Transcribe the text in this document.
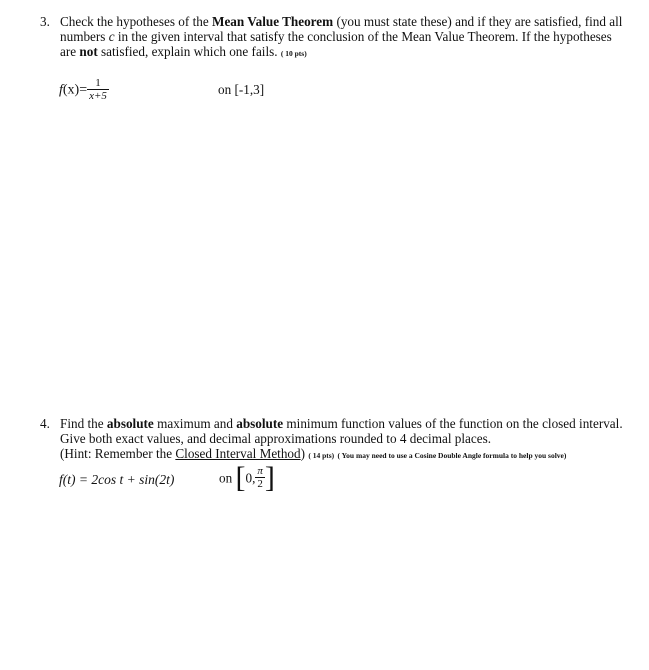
3. Check the hypotheses of the Mean Value Theorem (you must state these) and if they are satisfied, find all numbers c in the given interval that satisfy the conclusion of the Mean Value Theorem. If the hypotheses are not satisfied, explain which one fails. ( 10 pts)
$f(x)= \frac{1}{x+5}$	on [-1,3]
4. Find the absolute maximum and absolute minimum function values of the function on the closed interval. Give both exact values, and decimal approximations rounded to 4 decimal places.
(Hint: Remember the Closed Interval Method) ( 14 pts) ( You may need to use a Cosine Double Angle formula to help you solve)
f(t) = 2cos t + sin(2t)	on [0, $\frac{\pi}{2}$ ]
